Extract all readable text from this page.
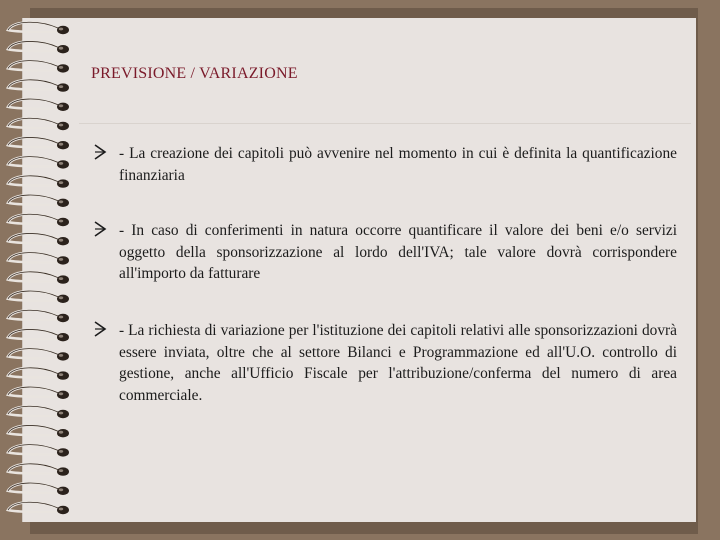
PREVISIONE / VARIAZIONE
- La creazione dei capitoli può avvenire nel momento in cui è definita la quantificazione finanziaria
- In caso di conferimenti in natura occorre quantificare il valore dei beni e/o servizi oggetto della sponsorizzazione al lordo dell'IVA; tale valore dovrà corrispondere all'importo da fatturare
- La richiesta di variazione per l'istituzione dei capitoli relativi alle sponsorizzazioni dovrà essere inviata, oltre che al settore Bilanci e Programmazione ed all'U.O. controllo di gestione, anche all'Ufficio Fiscale per l'attribuzione/conferma del numero di area commerciale.
